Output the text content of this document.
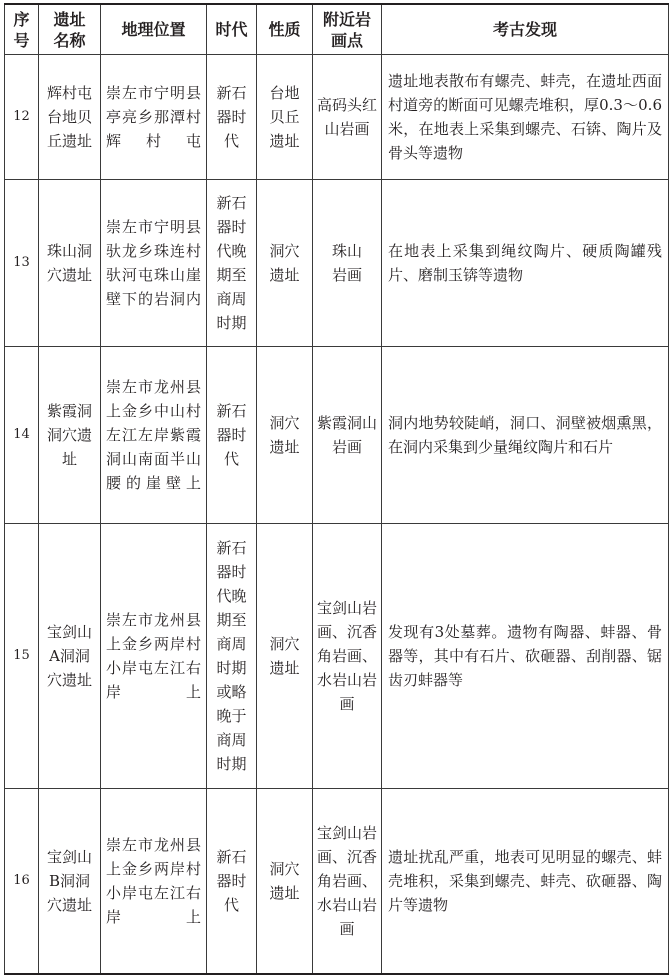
序号	遗址名称	地理位置	时代	性质	附近岩画点	考古发现
12	辉村屯台地贝丘遗址	崇左市宁明县亭亮乡那潭村辉村屯	新石器时代	台地贝丘遗址	高码头红山岩画	遗址地表散布有螺壳、蚌壳，在遗址西面村道旁的断面可见螺壳堆积，厚0.3～0.6米，在地表上采集到螺壳、石锛、陶片及骨头等遗物
13	珠山洞穴遗址	崇左市宁明县驮龙乡珠连村驮河屯珠山崖壁下的岩洞内	新石器时代晚期至商周时期	洞穴遗址	珠山岩画	在地表上采集到绳纹陶片、硬质陶罐残片、磨制玉锛等遗物
14	紫霞洞洞穴遗址	崇左市龙州县上金乡中山村左江左岸紫霞洞山南面半山腰的崖壁上	新石器时代	洞穴遗址	紫霞洞山岩画	洞内地势较陡峭，洞口、洞壁被烟熏黑，在洞内采集到少量绳纹陶片和石片
15	宝剑山A洞洞穴遗址	崇左市龙州县上金乡两岸村小岸屯左江右岸上	新石器时代晚期至商周时期或略晚于商周时期	洞穴遗址	宝剑山岩画、沉香角岩画、水岩山岩画	发现有3处墓葬。遗物有陶器、蚌器、骨器等，其中有石片、砍砸器、刮削器、锯齿刃蚌器等
16	宝剑山B洞洞穴遗址	崇左市龙州县上金乡两岸村小岸屯左江右岸上	新石器时代	洞穴遗址	宝剑山岩画、沉香角岩画、水岩山岩画	遗址扰乱严重，地表可见明显的螺壳、蚌壳堆积，采集到螺壳、蚌壳、砍砸器、陶片等遗物
